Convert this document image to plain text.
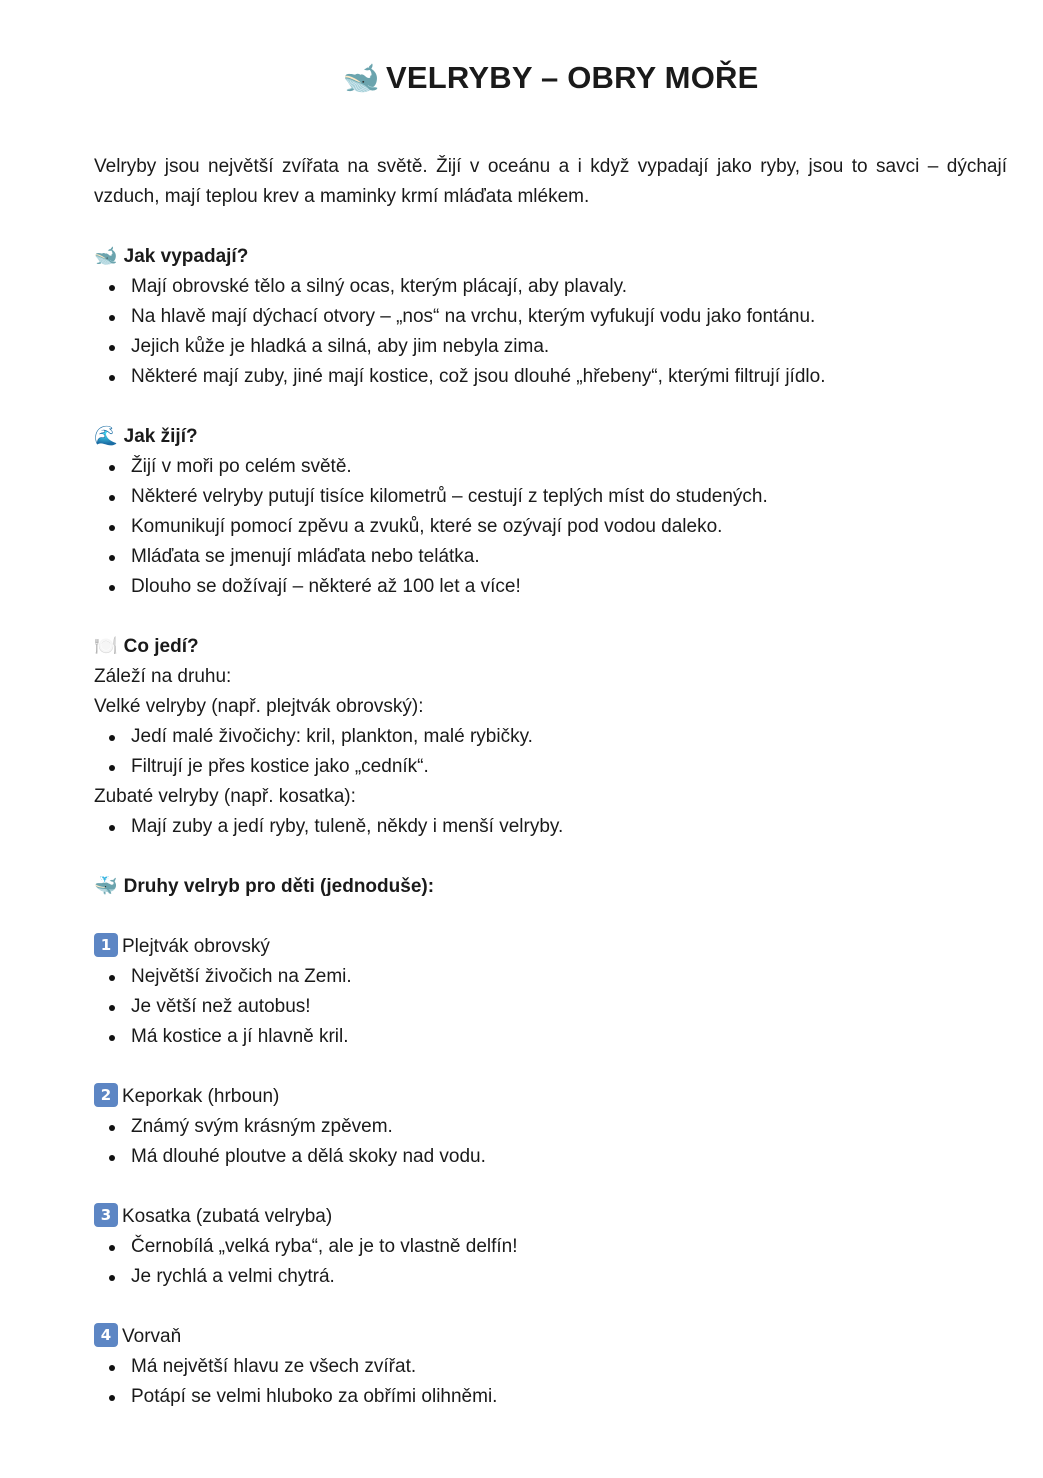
🐋 VELRYBY – OBRY MOŘE

Velryby jsou největší zvířata na světě. Žijí v oceánu a i když vypadají jako ryby, jsou to savci – dýchají vzduch, mají teplou krev a maminky krmí mláďata mlékem.

🐋 Jak vypadají?
Mají obrovské tělo a silný ocas, kterým plácají, aby plavaly.
Na hlavě mají dýchací otvory – „nos“ na vrchu, kterým vyfukují vodu jako fontánu.
Jejich kůže je hladká a silná, aby jim nebyla zima.
Některé mají zuby, jiné mají kostice, což jsou dlouhé „hřebeny“, kterými filtrují jídlo.
🌊 Jak žijí?
Žijí v moři po celém světě.
Některé velryby putují tisíce kilometrů – cestují z teplých míst do studených.
Komunikují pomocí zpěvu a zvuků, které se ozývají pod vodou daleko.
Mláďata se jmenují mláďata nebo telátka.
Dlouho se dožívají – některé až 100 let a více!
🍽️ Co jedí?

Záleží na druhu:

Velké velryby (např. plejtvák obrovský):

Jedí malé živočichy: kril, plankton, malé rybičky.
Filtrují je přes kostice jako „cedník“.

Zubaté velryby (např. kosatka):

Mají zuby a jedí ryby, tuleně, někdy i menší velryby.
🐳 Druhy velryb pro děti (jednoduše):
1 Plejtvák obrovský
Největší živočich na Zemi.
Je větší než autobus!
Má kostice a jí hlavně kril.
2 Keporkak (hrboun)
Známý svým krásným zpěvem.
Má dlouhé ploutve a dělá skoky nad vodu.
3 Kosatka (zubatá velryba)
Černobílá „velká ryba“, ale je to vlastně delfín!
Je rychlá a velmi chytrá.
4 Vorvaň
Má největší hlavu ze všech zvířat.
Potápí se velmi hluboko za obřími olihněmi.
